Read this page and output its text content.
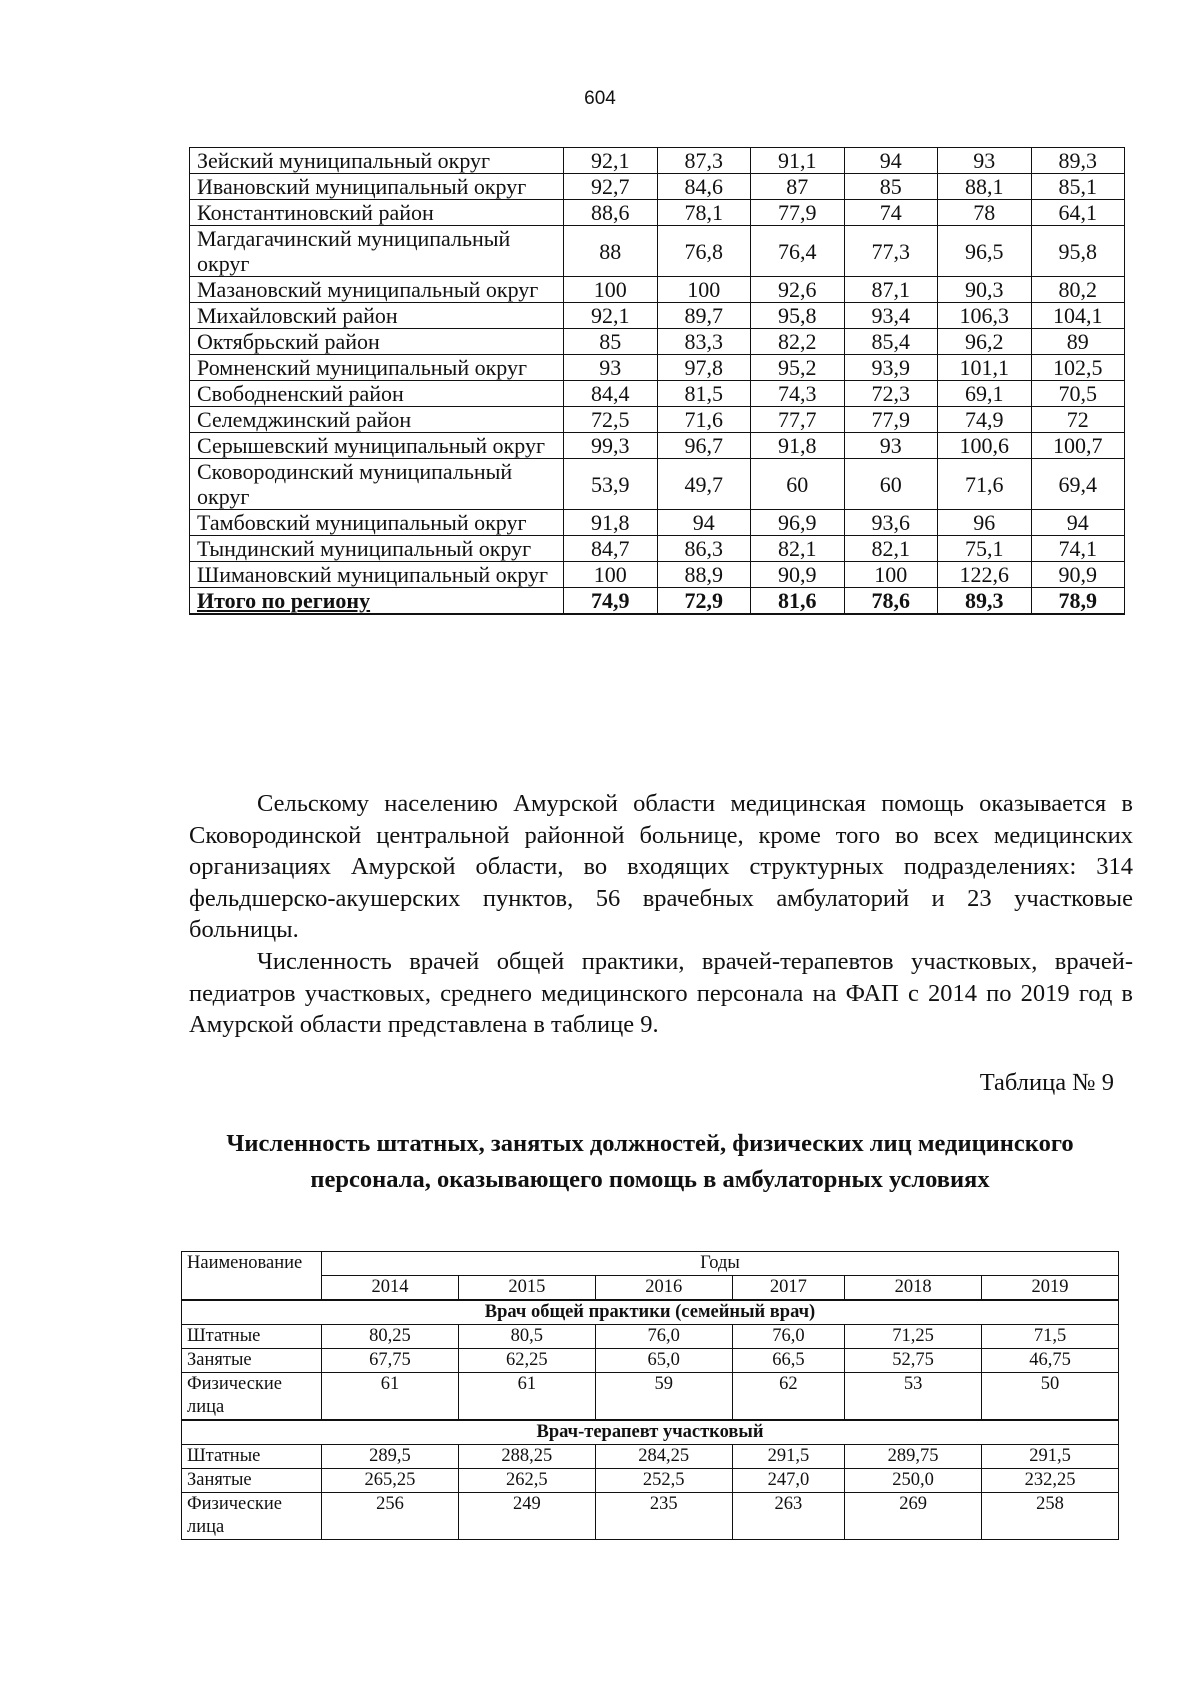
604
Зейский муниципальный округ	92,1	87,3	91,1	94	93	89,3
Ивановский муниципальный округ	92,7	84,6	87	85	88,1	85,1
Константиновский район	88,6	78,1	77,9	74	78	64,1
Магдагачинский муниципальный округ	88	76,8	76,4	77,3	96,5	95,8
Мазановский муниципальный округ	100	100	92,6	87,1	90,3	80,2
Михайловский район	92,1	89,7	95,8	93,4	106,3	104,1
Октябрьский район	85	83,3	82,2	85,4	96,2	89
Ромненский муниципальный округ	93	97,8	95,2	93,9	101,1	102,5
Свободненский район	84,4	81,5	74,3	72,3	69,1	70,5
Селемджинский район	72,5	71,6	77,7	77,9	74,9	72
Серышевский муниципальный округ	99,3	96,7	91,8	93	100,6	100,7
Сковородинский муниципальный округ	53,9	49,7	60	60	71,6	69,4
Тамбовский муниципальный округ	91,8	94	96,9	93,6	96	94
Тындинский муниципальный округ	84,7	86,3	82,1	82,1	75,1	74,1
Шимановский муниципальный округ	100	88,9	90,9	100	122,6	90,9
Итого по региону	74,9	72,9	81,6	78,6	89,3	78,9

Сельскому населению Амурской области медицинская помощь оказывается в Сковородинской центральной районной больнице, кроме того во всех медицинских организациях Амурской области, во входящих структурных подразделениях: 314 фельдшерско-акушерских пунктов, 56 врачебных амбулаторий и 23 участковые больницы.

Численность врачей общей практики, врачей-терапевтов участковых, врачей-педиатров участковых, среднего медицинского персонала на ФАП с 2014 по 2019 год в Амурской области представлена в таблице 9.

Таблица № 9

Численность штатных, занятых должностей, физических лиц медицинского персонала, оказывающего помощь в амбулаторных условиях

Наименование	Годы					
	2014	2015	2016	2017	2018	2019
Врач общей практики (семейный врач)						
Штатные	80,25	80,5	76,0	76,0	71,25	71,5
Занятые	67,75	62,25	65,0	66,5	52,75	46,75
Физические лица	61	61	59	62	53	50
Врач-терапевт участковый						
Штатные	289,5	288,25	284,25	291,5	289,75	291,5
Занятые	265,25	262,5	252,5	247,0	250,0	232,25
Физические лица	256	249	235	263	269	258
